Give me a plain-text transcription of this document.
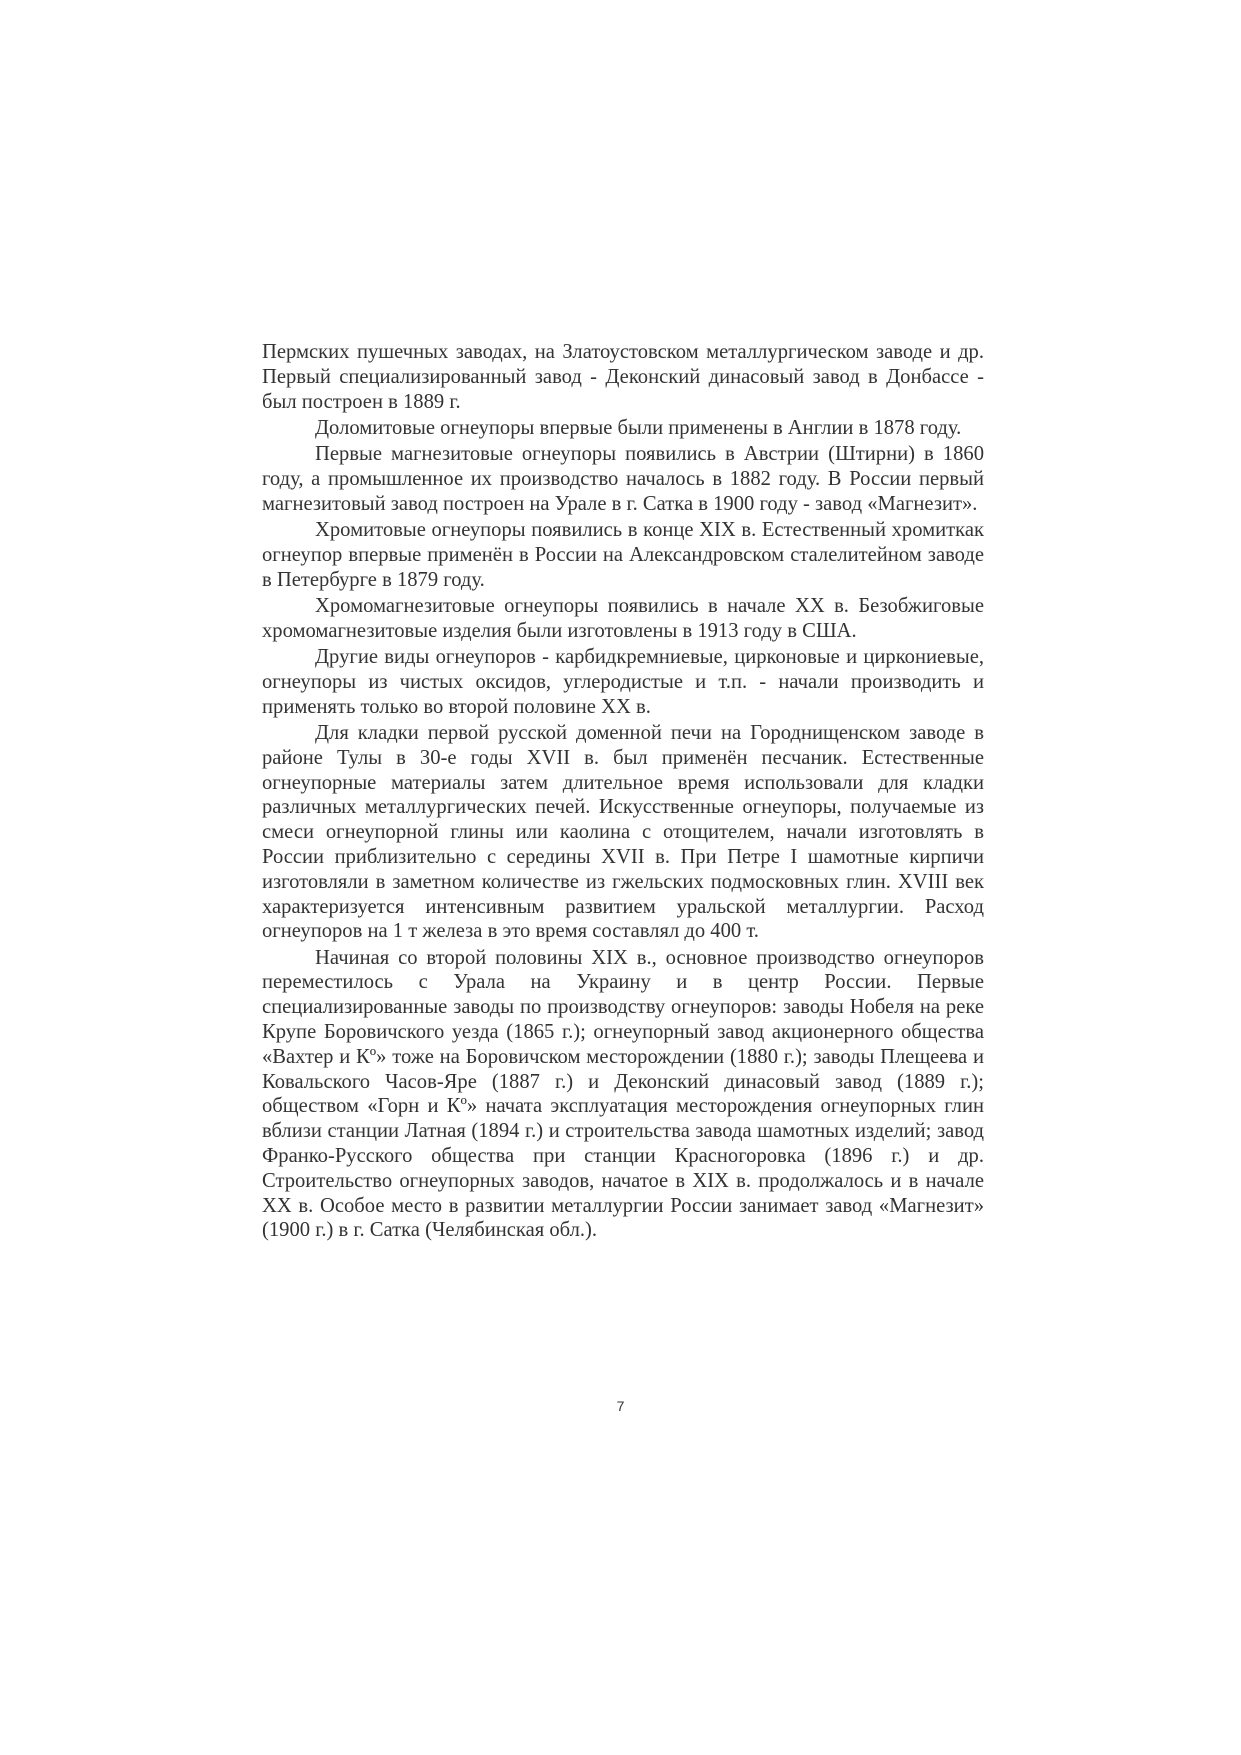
Пермских пушечных заводах, на Златоустовском металлургическом заводе и др. Первый специализированный завод - Деконский динасовый завод в Донбассе - был построен в 1889 г.

Доломитовые огнеупоры впервые были применены в Англии в 1878 году.

Первые магнезитовые огнеупоры появились в Австрии (Штирни) в 1860 году, а промышленное их производство началось в 1882 году. В России первый магнезитовый завод построен на Урале в г. Сатка в 1900 году - завод «Магнезит».

Хромитовые огнеупоры появились в конце XIX в. Естественный хромиткак огнеупор впервые применён в России на Александровском сталелитейном заводе в Петербурге в 1879 году.

Хромомагнезитовые огнеупоры появились в начале XX в. Безобжиговые хромомагнезитовые изделия были изготовлены в 1913 году в США.

Другие виды огнеупоров - карбидкремниевые, цирконовые и циркониевые, огнеупоры из чистых оксидов, углеродистые и т.п. - начали производить и применять только во второй половине XX в.

Для кладки первой русской доменной печи на Городнищенском заводе в районе Тулы в 30-е годы XVII в. был применён песчаник. Естественные огнеупорные материалы затем длительное время использовали для кладки различных металлургических печей. Искусственные огнеупоры, получаемые из смеси огнеупорной глины или каолина с отощителем, начали изготовлять в России приблизительно с середины XVII в. При Петре I шамотные кирпичи изготовляли в заметном количестве из гжельских подмосковных глин. XVIII век характеризуется интенсивным развитием уральской металлургии. Расход огнеупоров на 1 т железа в это время составлял до 400 т.

Начиная со второй половины XIX в., основное производство огнеупоров переместилось с Урала на Украину и в центр России. Первые специализированные заводы по производству огнеупоров: заводы Нобеля на реке Крупе Боровичского уезда (1865 г.); огнеупорный завод акционерного общества «Вахтер и Кº» тоже на Боровичском месторождении (1880 г.); заводы Плещеева и Ковальского Часов-Яре (1887 г.) и Деконский динасовый завод (1889 г.); обществом «Горн и Кº» начата эксплуатация месторождения огнеупорных глин вблизи станции Латная (1894 г.) и строительства завода шамотных изделий; завод Франко-Русского общества при станции Красногоровка (1896 г.) и др. Строительство огнеупорных заводов, начатое в XIX в. продолжалось и в начале XX в. Особое место в развитии металлургии России занимает завод «Магнезит» (1900 г.) в г. Сатка (Челябинская обл.).

7
